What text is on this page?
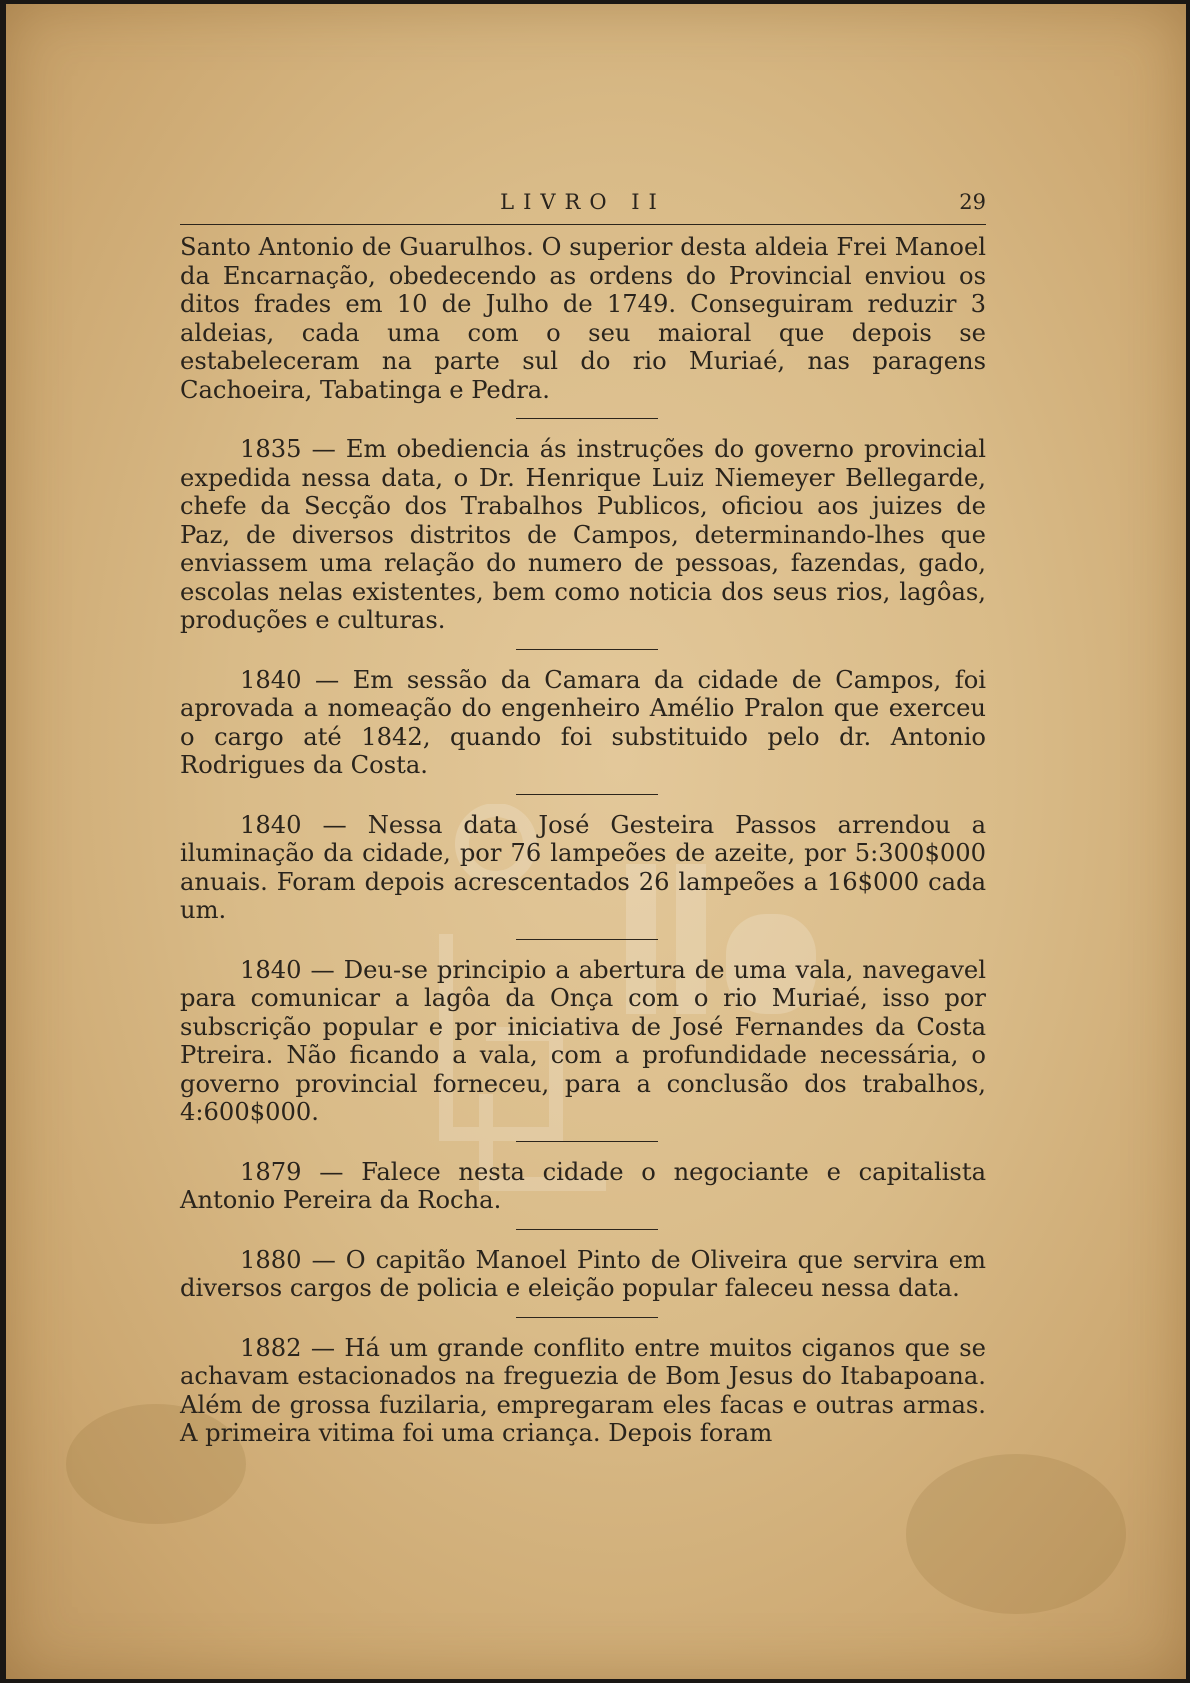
LIVRO II	29

Santo Antonio de Guarulhos. O superior desta aldeia Frei Manoel da Encarnação, obedecendo as ordens do Provincial enviou os ditos frades em 10 de Julho de 1749. Conseguiram reduzir 3 aldeias, cada uma com o seu maioral que depois se estabeleceram na parte sul do rio Muriaé, nas paragens Cachoeira, Tabatinga e Pedra.

1835 — Em obediencia ás instruções do governo provincial expedida nessa data, o Dr. Henrique Luiz Niemeyer Bellegarde, chefe da Secção dos Trabalhos Publicos, oficiou aos juizes de Paz, de diversos distritos de Campos, determinando-lhes que enviassem uma relação do numero de pessoas, fazendas, gado, escolas nelas existentes, bem como noticia dos seus rios, lagôas, produções e culturas.

1840 — Em sessão da Camara da cidade de Campos, foi aprovada a nomeação do engenheiro Amélio Pralon que exerceu o cargo até 1842, quando foi substituido pelo dr. Antonio Rodrigues da Costa.

1840 — Nessa data José Gesteira Passos arrendou a iluminação da cidade, por 76 lampeões de azeite, por 5:300$000 anuais. Foram depois acrescentados 26 lampeões a 16$000 cada um.

1840 — Deu-se principio a abertura de uma vala, navegavel para comunicar a lagôa da Onça com o rio Muriaé, isso por subscrição popular e por iniciativa de José Fernandes da Costa Ptreira. Não ficando a vala, com a profundidade necessária, o governo provincial forneceu, para a conclusão dos trabalhos, 4:600$000.

1879 — Falece nesta cidade o negociante e capitalista Antonio Pereira da Rocha.

1880 — O capitão Manoel Pinto de Oliveira que servira em diversos cargos de policia e eleição popular faleceu nessa data.

1882 — Há um grande conflito entre muitos ciganos que se achavam estacionados na freguezia de Bom Jesus do Itabapoana. Além de grossa fuzilaria, empregaram eles facas e outras armas. A primeira vitima foi uma criança. Depois foram
